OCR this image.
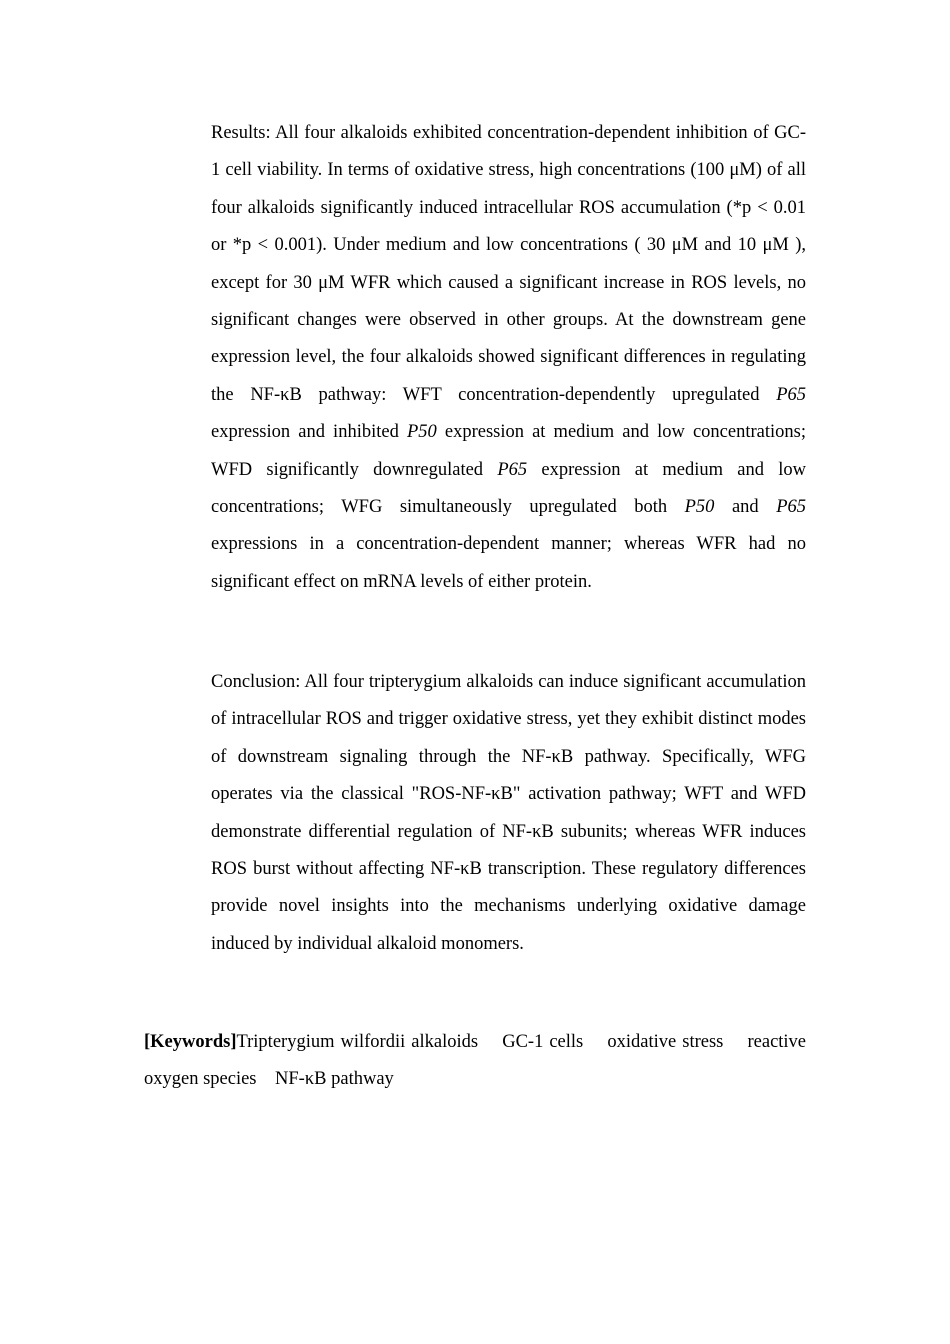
Results: All four alkaloids exhibited concentration-dependent inhibition of GC-1 cell viability. In terms of oxidative stress, high concentrations (100 μM) of all four alkaloids significantly induced intracellular ROS accumulation (*p < 0.01 or *p < 0.001). Under medium and low concentrations ( 30 μM and 10 μM ), except for 30 μM WFR which caused a significant increase in ROS levels, no significant changes were observed in other groups. At the downstream gene expression level, the four alkaloids showed significant differences in regulating the NF-κB pathway: WFT concentration-dependently upregulated P65 expression and inhibited P50 expression at medium and low concentrations; WFD significantly downregulated P65 expression at medium and low concentrations; WFG simultaneously upregulated both P50 and P65 expressions in a concentration-dependent manner; whereas WFR had no significant effect on mRNA levels of either protein.

Conclusion: All four tripterygium alkaloids can induce significant accumulation of intracellular ROS and trigger oxidative stress, yet they exhibit distinct modes of downstream signaling through the NF-κB pathway. Specifically, WFG operates via the classical "ROS-NF-κB" activation pathway; WFT and WFD demonstrate differential regulation of NF-κB subunits; whereas WFR induces ROS burst without affecting NF-κB transcription. These regulatory differences provide novel insights into the mechanisms underlying oxidative damage induced by individual alkaloid monomers.

[Keywords]Tripterygium wilfordii alkaloids GC-1 cells oxidative stress reactive oxygen species NF-κB pathway
